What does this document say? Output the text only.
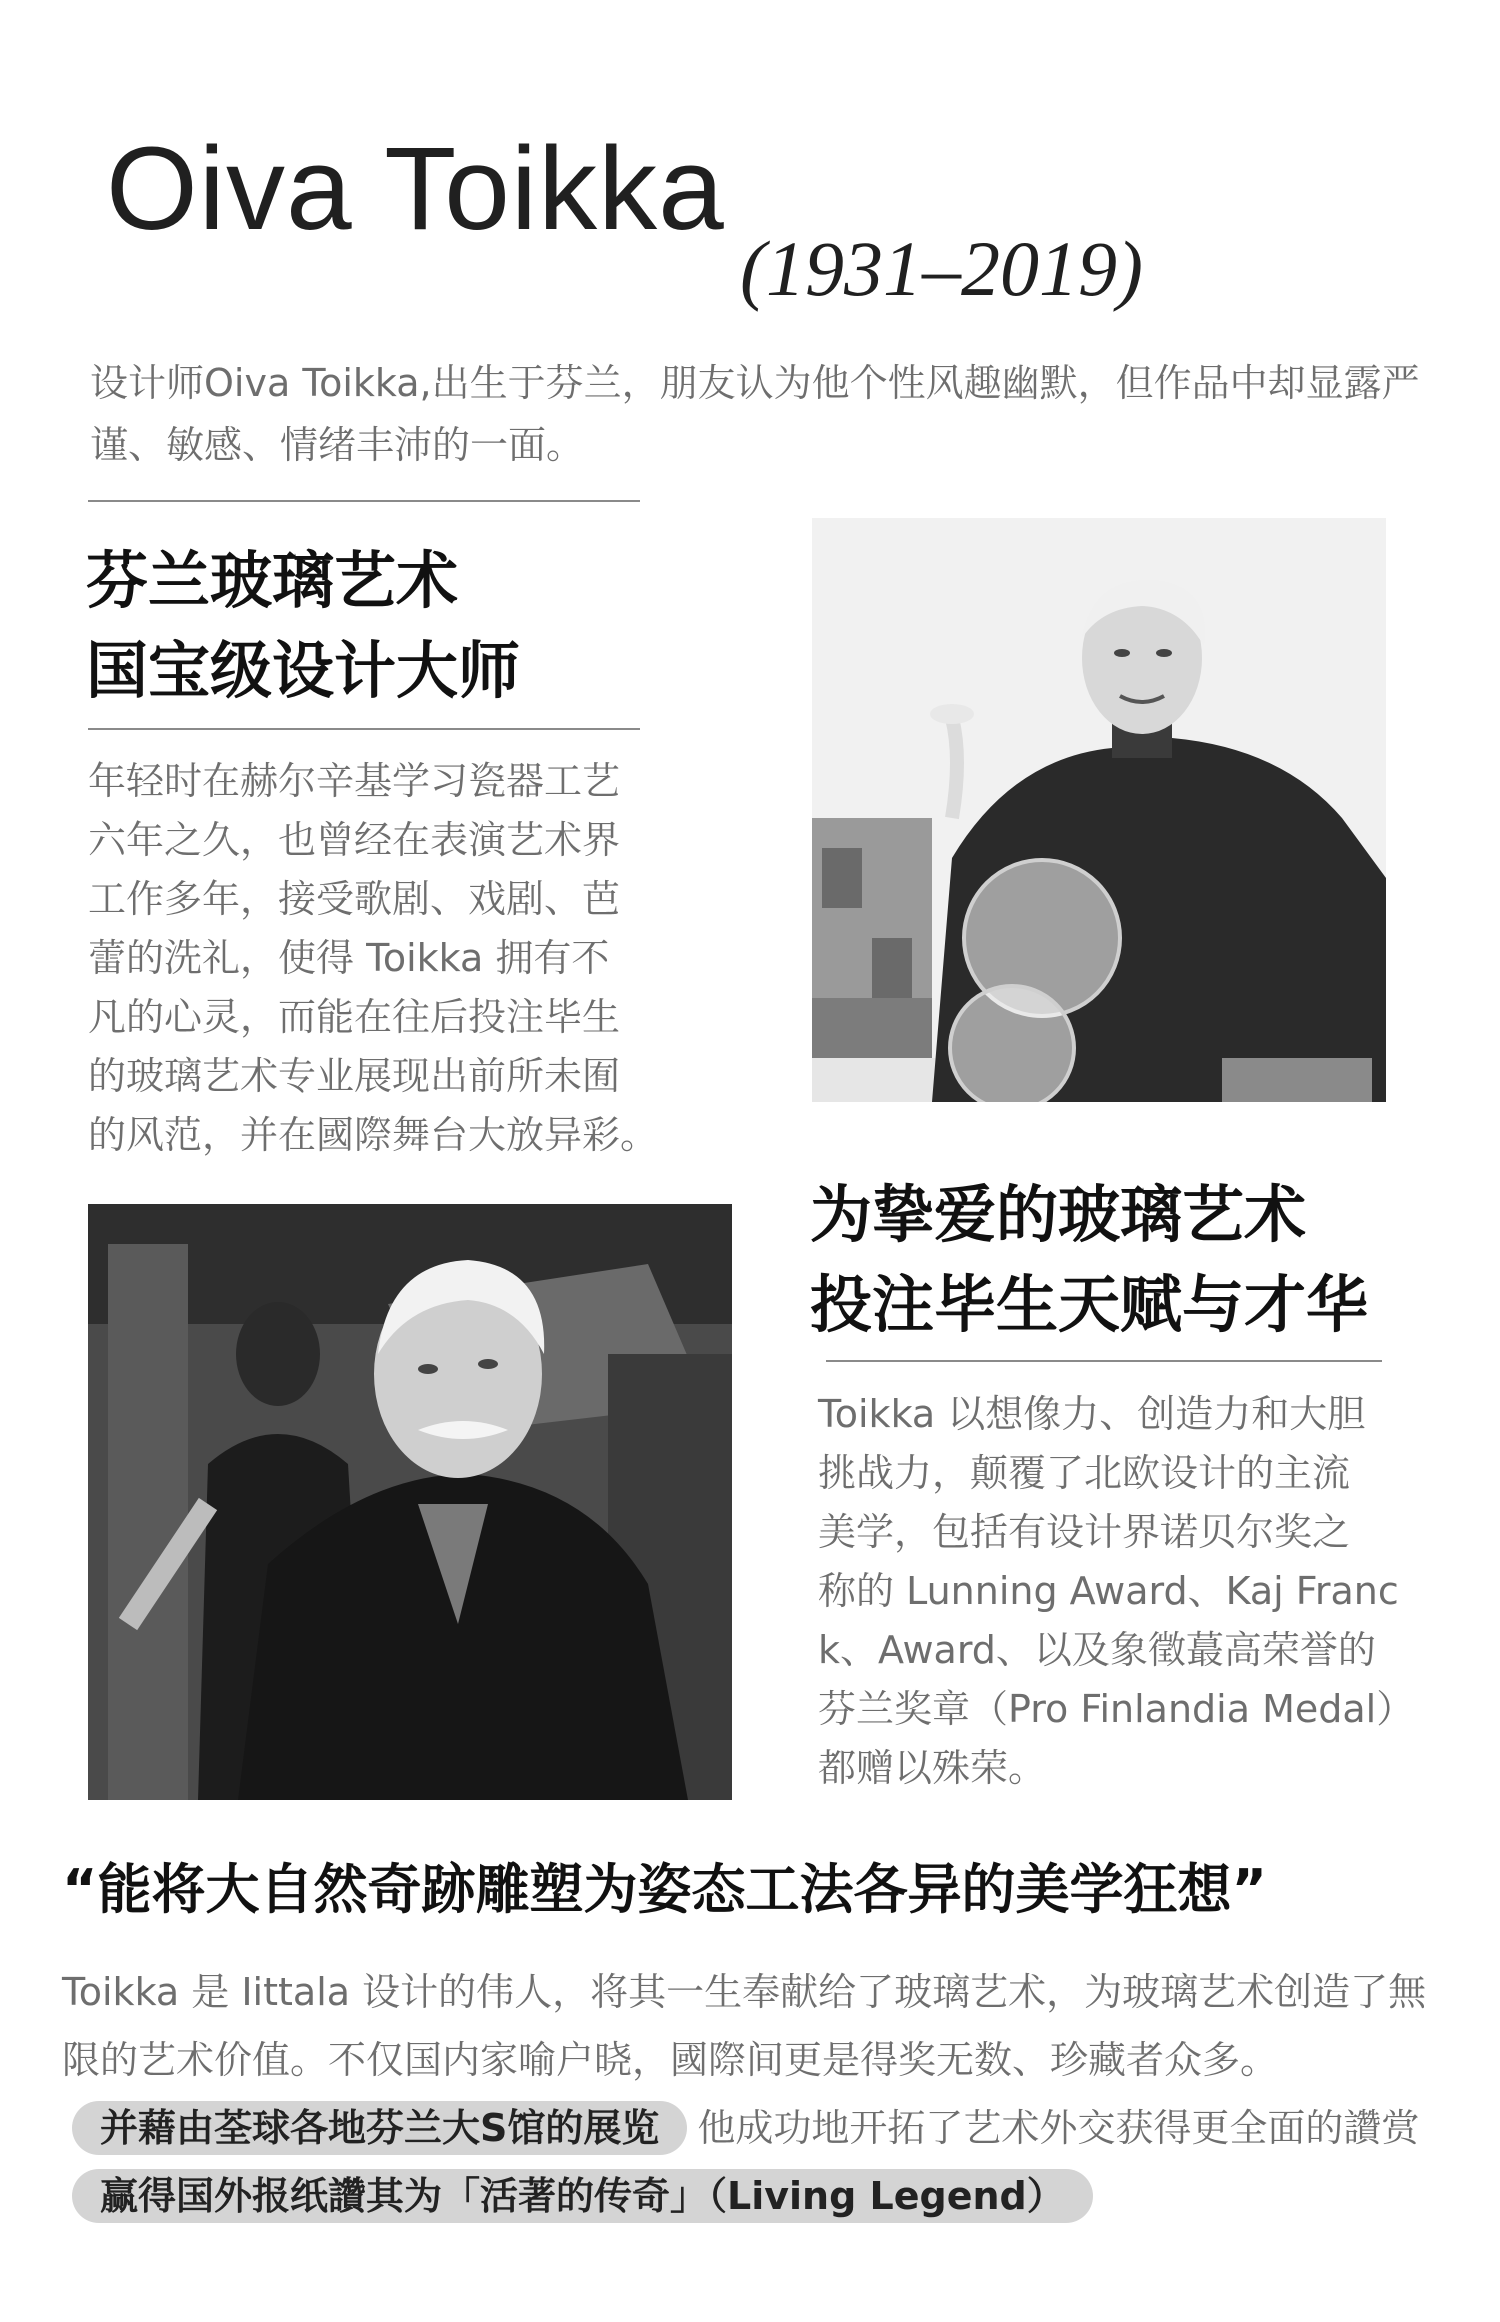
Oiva Toikka
(1931–2019)
设计师Oiva Toikka,出生于芬兰，朋友认为他个性风趣幽默，但作品中却显露严谨、敏感、情绪丰沛的一面。
芬兰玻璃艺术
国宝级设计大师
年轻时在赫尔辛基学习瓷器工艺
六年之久，也曾经在表演艺术界
工作多年，接受歌剧、戏剧、芭
蕾的洗礼，使得 Toikka 拥有不
凡的心灵，而能在往后投注毕生
的玻璃艺术专业展现出前所未囿
的风范，并在國際舞台大放异彩。
为挚爱的玻璃艺术
投注毕生天赋与才华
Toikka 以想像力、创造力和大胆
挑战力，颠覆了北欧设计的主流
美学，包括有设计界诺贝尔奖之
称的 Lunning Award、Kaj Franc
k、Award、以及象徵蕞高荣誉的
芬兰奖章（Pro Finlandia Medal）
都赠以殊荣。
“能将大自然奇跡雕塑为姿态工法各异的美学狂想”
Toikka 是 Iittala 设计的伟人，将其一生奉献给了玻璃艺术，为玻璃艺术创造了無限的艺术价值。不仅国内家喻户晓，國際间更是得奖无数、珍藏者众多。并藉由荃球各地芬兰大S馆的展览 他成功地开拓了艺术外交获得更全面的讚赏赢得国外报纸讚其为「活著的传奇」（Living Legend）
